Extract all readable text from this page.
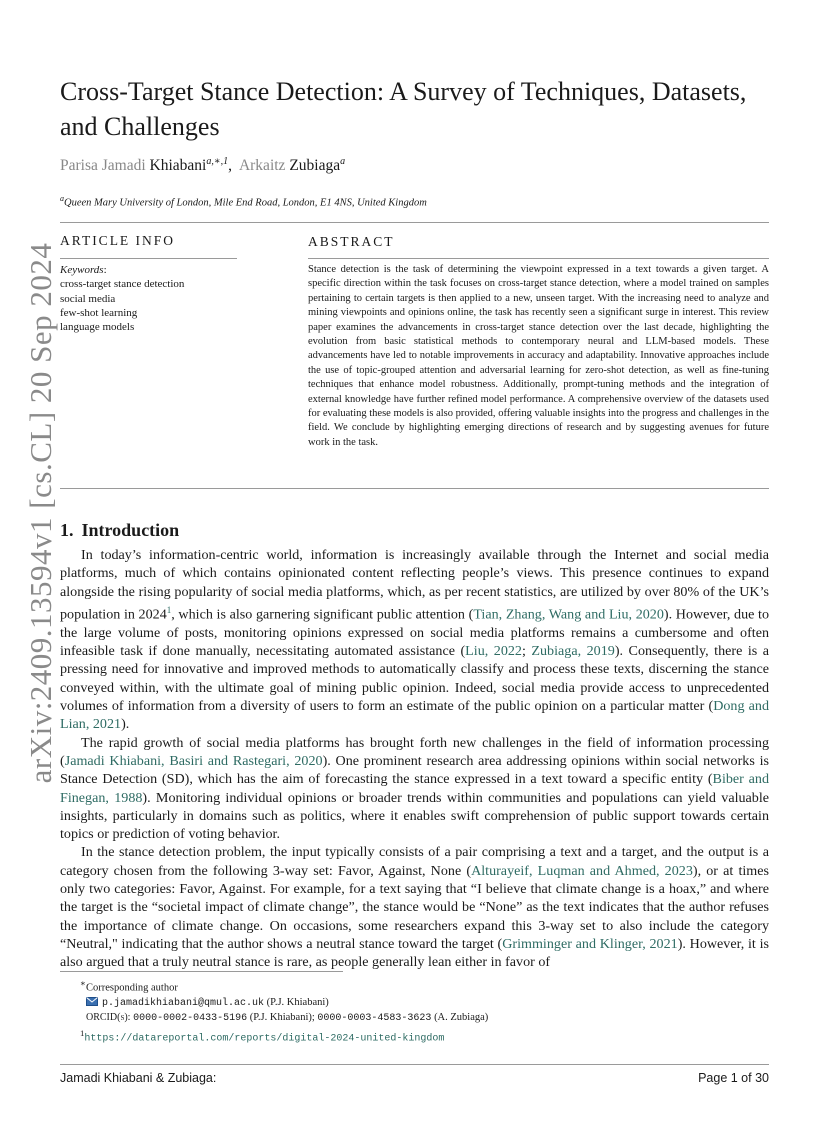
arXiv:2409.13594v1 [cs.CL] 20 Sep 2024
Cross-Target Stance Detection: A Survey of Techniques, Datasets, and Challenges
Parisa Jamadi Khiabani$^{a,∗,1}$,  Arkaitz Zubiaga$^a$
$^a$Queen Mary University of London, Mile End Road, London, E1 4NS, United Kingdom
ARTICLE INFO	ABSTRACT
Keywords:
cross-target stance detection
social media
few-shot learning
language models
Stance detection is the task of determining the viewpoint expressed in a text towards a given target. A specific direction within the task focuses on cross-target stance detection, where a model trained on samples pertaining to certain targets is then applied to a new, unseen target. With the increasing need to analyze and mining viewpoints and opinions online, the task has recently seen a significant surge in interest. This review paper examines the advancements in cross-target stance detection over the last decade, highlighting the evolution from basic statistical methods to contemporary neural and LLM-based models. These advancements have led to notable improvements in accuracy and adaptability. Innovative approaches include the use of topic-grouped attention and adversarial learning for zero-shot detection, as well as fine-tuning techniques that enhance model robustness. Additionally, prompt-tuning methods and the integration of external knowledge have further refined model performance. A comprehensive overview of the datasets used for evaluating these models is also provided, offering valuable insights into the progress and challenges in the field. We conclude by highlighting emerging directions of research and by suggesting avenues for future work in the task.
1. Introduction

In today’s information-centric world, information is increasingly available through the Internet and social media platforms, much of which contains opinionated content reflecting people’s views. This presence continues to expand alongside the rising popularity of social media platforms, which, as per recent statistics, are utilized by over 80% of the UK’s population in 2024$^1$, which is also garnering significant public attention (Tian, Zhang, Wang and Liu, 2020). However, due to the large volume of posts, monitoring opinions expressed on social media platforms remains a cumbersome and often infeasible task if done manually, necessitating automated assistance (Liu, 2022; Zubiaga, 2019). Consequently, there is a pressing need for innovative and improved methods to automatically classify and process these texts, discerning the stance conveyed within, with the ultimate goal of mining public opinion. Indeed, social media provide access to unprecedented volumes of information from a diversity of users to form an estimate of the public opinion on a particular matter (Dong and Lian, 2021).

The rapid growth of social media platforms has brought forth new challenges in the field of information processing (Jamadi Khiabani, Basiri and Rastegari, 2020). One prominent research area addressing opinions within social networks is Stance Detection (SD), which has the aim of forecasting the stance expressed in a text toward a specific entity (Biber and Finegan, 1988). Monitoring individual opinions or broader trends within communities and populations can yield valuable insights, particularly in domains such as politics, where it enables swift comprehension of public support towards certain topics or prediction of voting behavior.

In the stance detection problem, the input typically consists of a pair comprising a text and a target, and the output is a category chosen from the following 3-way set: Favor, Against, None (Alturayeif, Luqman and Ahmed, 2023), or at times only two categories: Favor, Against. For example, for a text saying that “I believe that climate change is a hoax,” and where the target is the “societal impact of climate change”, the stance would be “None” as the text indicates that the author refuses the importance of climate change. On occasions, some researchers expand this 3-way set to also include the category “Neutral," indicating that the author shows a neutral stance toward the target (Grimminger and Klinger, 2021). However, it is also argued that a truly neutral stance is rare, as people generally lean either in favor of

∗Corresponding author
p.jamadikhiabani@qmul.ac.uk (P.J. Khiabani)
ORCID(s): 0000-0002-0433-5196 (P.J. Khiabani); 0000-0003-4583-3623 (A. Zubiaga)
$^1$https://datareportal.com/reports/digital-2024-united-kingdom
Jamadi Khiabani & Zubiaga:	Page 1 of 30
